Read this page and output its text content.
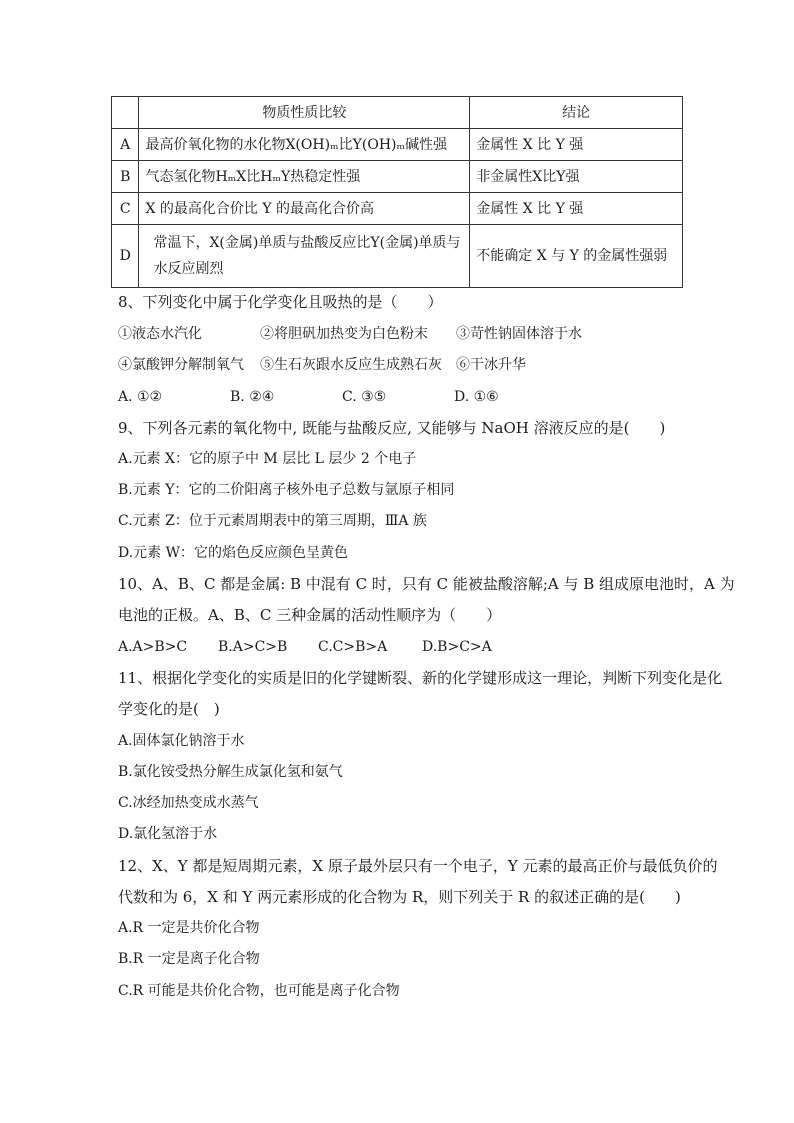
	物质性质比较	结论
A	最高价氧化物的水化物X(OH)ₘ比Y(OH)ₘ碱性强	金属性 X 比 Y 强
B	气态氢化物HₘX比HₘY热稳定性强	非金属性X比Y强
C	X 的最高化合价比 Y 的最高化合价高	金属性 X 比 Y 强
D	常温下，X(金属)单质与盐酸反应比Y(金属)单质与水反应剧烈	不能确定 X 与 Y 的金属性强弱
8、下列变化中属于化学变化且吸热的是（　　）
①液态水汽化	②将胆矾加热变为白色粉末 ③苛性钠固体溶于水
④氯酸钾分解制氧气 ⑤生石灰跟水反应生成熟石灰 ⑥干冰升华
A. ①②	B. ②④	C. ③⑤	D. ①⑥
9、下列各元素的氧化物中, 既能与盐酸反应, 又能够与 NaOH 溶液反应的是(　　)
A.元素 X：它的原子中 M 层比 L 层少 2 个电子
B.元素 Y：它的二价阳离子核外电子总数与氩原子相同
C.元素 Z：位于元素周期表中的第三周期，ⅢA 族
D.元素 W：它的焰色反应颜色呈黄色
10、A、B、C 都是金属: B 中混有 C 时，只有 C 能被盐酸溶解;A 与 B 组成原电池时，A 为
电池的正极。A、B、C 三种金属的活动性顺序为（　　）
A.A>B>C B.A>C>B C.C>B>A D.B>C>A
11、根据化学变化的实质是旧的化学键断裂、新的化学键形成这一理论，判断下列变化是化
学变化的是(　)
A.固体氯化钠溶于水
B.氯化铵受热分解生成氯化氢和氨气
C.冰经加热变成水蒸气
D.氯化氢溶于水
12、X、Y 都是短周期元素，X 原子最外层只有一个电子，Y 元素的最高正价与最低负价的
代数和为 6，X 和 Y 两元素形成的化合物为 R，则下列关于 R 的叙述正确的是(　　)
A.R 一定是共价化合物
B.R 一定是离子化合物
C.R 可能是共价化合物，也可能是离子化合物
